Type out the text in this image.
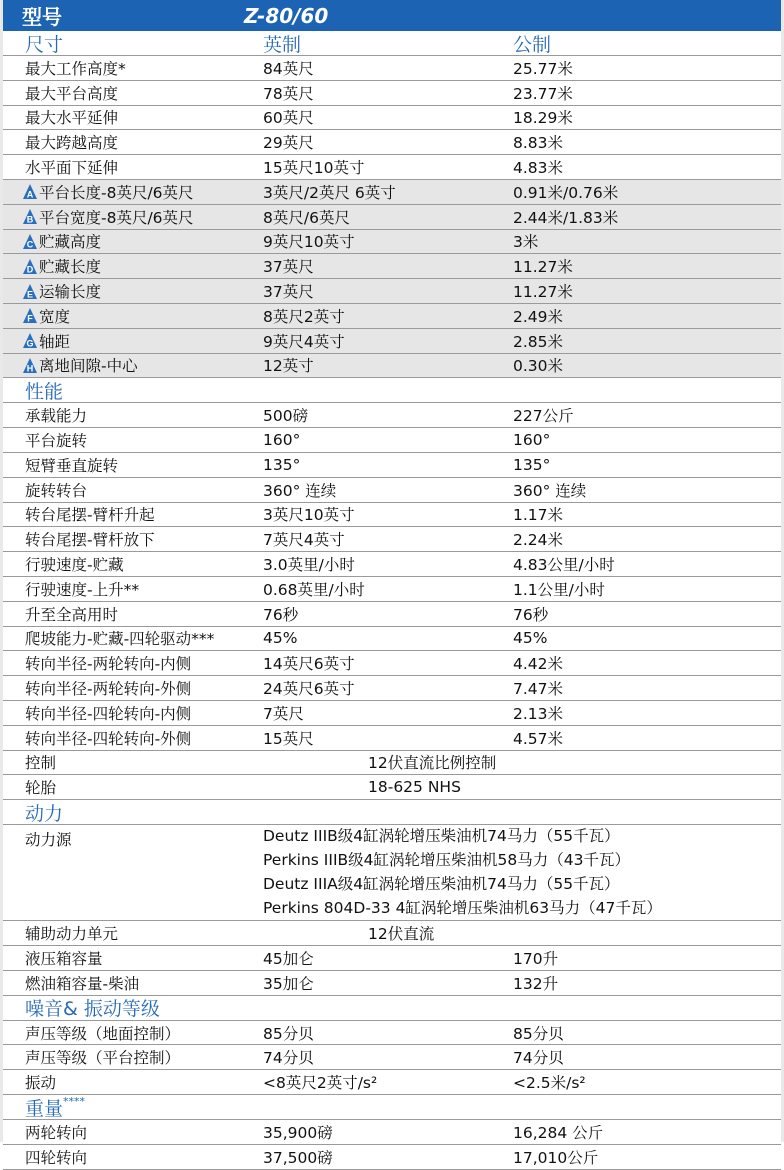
型号	Z-80/60
尺寸	英制	公制
最大工作高度*	84英尺	25.77米
最大平台高度	78英尺	23.77米
最大水平延伸	60英尺	18.29米
最大跨越高度	29英尺	8.83米
水平面下延伸	15英尺10英寸	4.83米
A 平台长度-8英尺/6英尺	3英尺/2英尺 6英寸	0.91米/0.76米
B 平台宽度-8英尺/6英尺	8英尺/6英尺	2.44米/1.83米
C 贮藏高度	9英尺10英寸	3米
D 贮藏长度	37英尺	11.27米
E 运输长度	37英尺	11.27米
F 宽度	8英尺2英寸	2.49米
G 轴距	9英尺4英寸	2.85米
H 离地间隙-中心	12英寸	0.30米
性能
承载能力	500磅	227公斤
平台旋转	160°	160°
短臂垂直旋转	135°	135°
旋转转台	360° 连续	360° 连续
转台尾摆-臂杆升起	3英尺10英寸	1.17米
转台尾摆-臂杆放下	7英尺4英寸	2.24米
行驶速度-贮藏	3.0英里/小时	4.83公里/小时
行驶速度-上升**	0.68英里/小时	1.1公里/小时
升至全高用时	76秒	76秒
爬坡能力-贮藏-四轮驱动***	45%	45%
转向半径-两轮转向-内侧	14英尺6英寸	4.42米
转向半径-两轮转向-外侧	24英尺6英寸	7.47米
转向半径-四轮转向-内侧	7英尺	2.13米
转向半径-四轮转向-外侧	15英尺	4.57米
控制	12伏直流比例控制
轮胎	18-625 NHS
动力
动力源	Deutz IIIB级4缸涡轮增压柴油机74马力（55千瓦）
Perkins IIIB级4缸涡轮增压柴油机58马力（43千瓦）
Deutz IIIA级4缸涡轮增压柴油机74马力（55千瓦）
Perkins 804D-33 4缸涡轮增压柴油机63马力（47千瓦）
辅助动力单元	12伏直流
液压箱容量	45加仑	170升
燃油箱容量-柴油	35加仑	132升
噪音& 振动等级
声压等级（地面控制）	85分贝	85分贝
声压等级（平台控制）	74分贝	74分贝
振动	<8英尺2英寸/s²	<2.5米/s²
重量****
两轮转向	35,900磅	16,284 公斤
四轮转向	37,500磅	17,010公斤
